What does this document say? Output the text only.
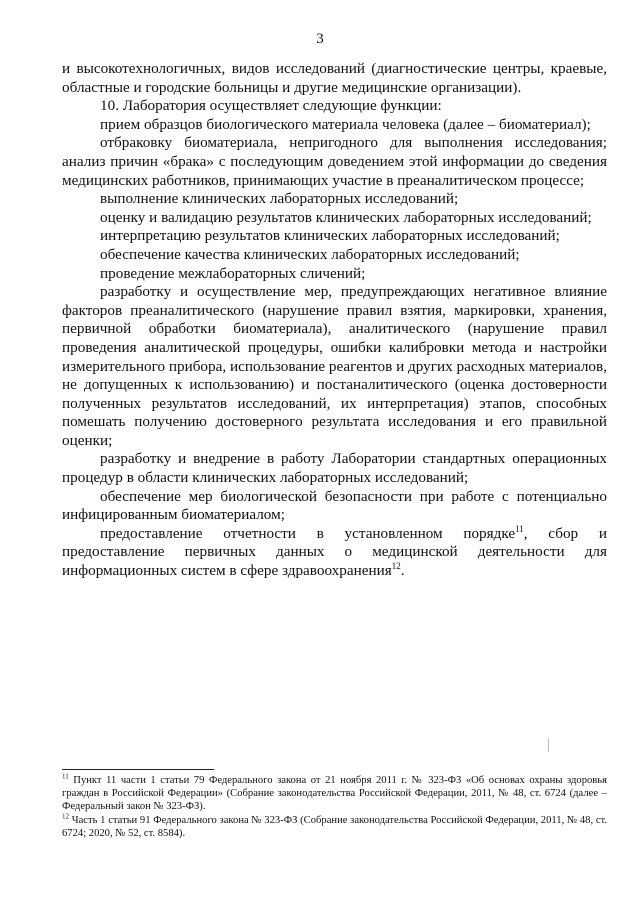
3

и высокотехнологичных, видов исследований (диагностические центры, краевые, областные и городские больницы и другие медицинские организации).

10. Лаборатория осуществляет следующие функции:

прием образцов биологического материала человека (далее – биоматериал);

отбраковку биоматериала, непригодного для выполнения исследования; анализ причин «брака» с последующим доведением этой информации до сведения медицинских работников, принимающих участие в преаналитическом процессе;

выполнение клинических лабораторных исследований;

оценку и валидацию результатов клинических лабораторных исследований;

интерпретацию результатов клинических лабораторных исследований;

обеспечение качества клинических лабораторных исследований;

проведение межлабораторных сличений;

разработку и осуществление мер, предупреждающих негативное влияние факторов преаналитического (нарушение правил взятия, маркировки, хранения, первичной обработки биоматериала), аналитического (нарушение правил проведения аналитической процедуры, ошибки калибровки метода и настройки измерительного прибора, использование реагентов и других расходных материалов, не допущенных к использованию) и постаналитического (оценка достоверности полученных результатов исследований, их интерпретация) этапов, способных помешать получению достоверного результата исследования и его правильной оценки;

разработку и внедрение в работу Лаборатории стандартных операционных процедур в области клинических лабораторных исследований;

обеспечение мер биологической безопасности при работе с потенциально инфицированным биоматериалом;

предоставление отчетности в установленном порядке$^{11}$, сбор и предоставление первичных данных о медицинской деятельности для информационных систем в сфере здравоохранения$^{12}$.

$^{11}$ Пункт 11 части 1 статьи 79 Федерального закона от 21 ноября 2011 г. № 323-ФЗ «Об основах охраны здоровья граждан в Российской Федерации» (Собрание законодательства Российской Федерации, 2011, № 48, ст. 6724 (далее – Федеральный закон № 323-ФЗ).

$^{12}$ Часть 1 статьи 91 Федерального закона № 323-ФЗ (Собрание законодательства Российской Федерации, 2011, № 48, ст. 6724; 2020, № 52, ст. 8584).
